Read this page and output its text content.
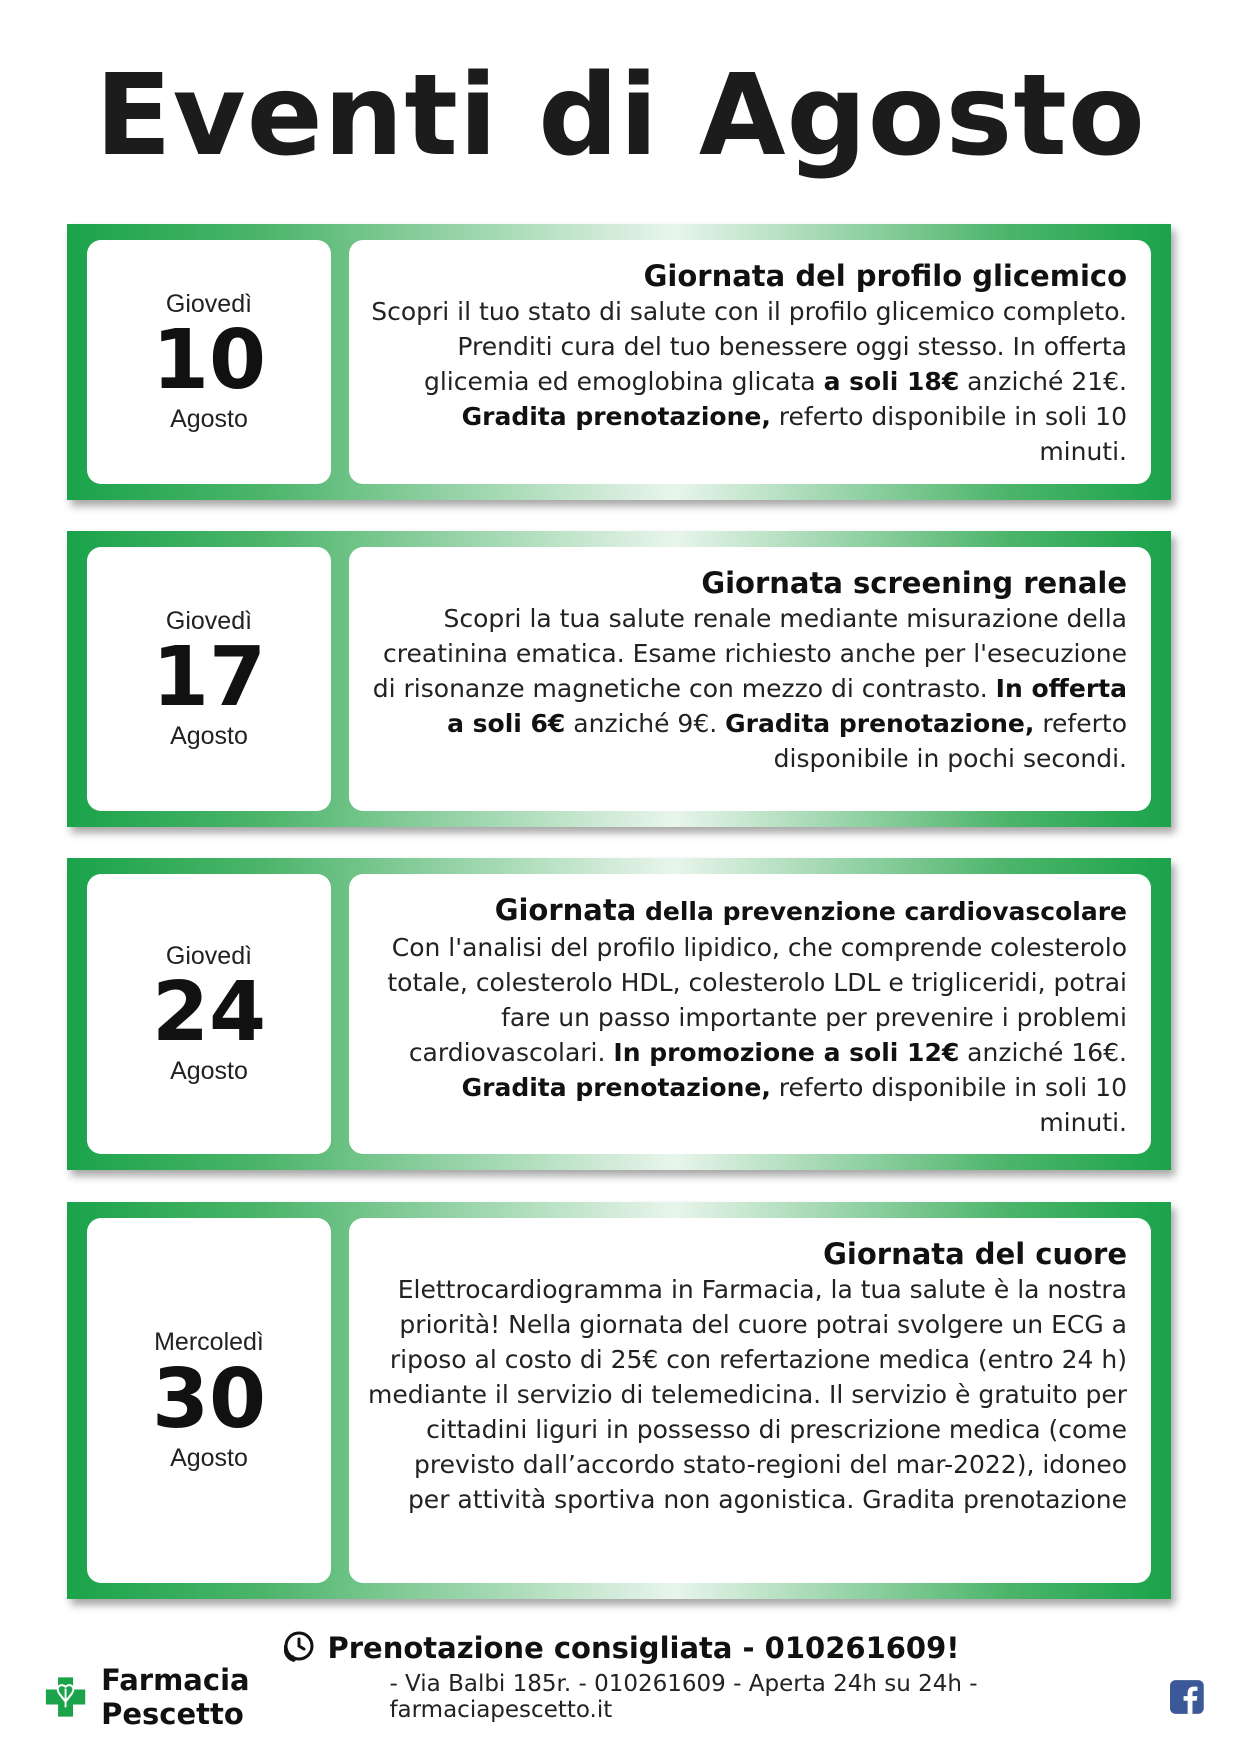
Eventi di Agosto
Giovedì
10
Agosto
Giornata del profilo glicemico
Scopri il tuo stato di salute con il profilo glicemico completo. Prenditi cura del tuo benessere oggi stesso. In offerta glicemia ed emoglobina glicata a soli 18€ anziché 21€. Gradita prenotazione, referto disponibile in soli 10 minuti.
Giovedì
17
Agosto
Giornata screening renale
Scopri la tua salute renale mediante misurazione della creatinina ematica. Esame richiesto anche per l'esecuzione di risonanze magnetiche con mezzo di contrasto. In offerta a soli 6€ anziché 9€. Gradita prenotazione, referto disponibile in pochi secondi.
Giovedì
24
Agosto
Giornata della prevenzione cardiovascolare
Con l'analisi del profilo lipidico, che comprende colesterolo totale, colesterolo HDL, colesterolo LDL e trigliceridi, potrai fare un passo importante per prevenire i problemi cardiovascolari. In promozione a soli 12€ anziché 16€. Gradita prenotazione, referto disponibile in soli 10 minuti.
Mercoledì
30
Agosto
Giornata del cuore
Elettrocardiogramma in Farmacia, la tua salute è la nostra priorità! Nella giornata del cuore potrai svolgere un ECG a riposo al costo di 25€ con refertazione medica (entro 24 h) mediante il servizio di telemedicina. Il servizio è gratuito per cittadini liguri in possesso di prescrizione medica (come previsto dall’accordo stato-regioni del mar-2022), idoneo per attività sportiva non agonistica. Gradita prenotazione
Prenotazione consigliata - 010261609!
Farmacia Pescetto
- Via Balbi 185r. - 010261609 - Aperta 24h su 24h - farmaciapescetto.it
